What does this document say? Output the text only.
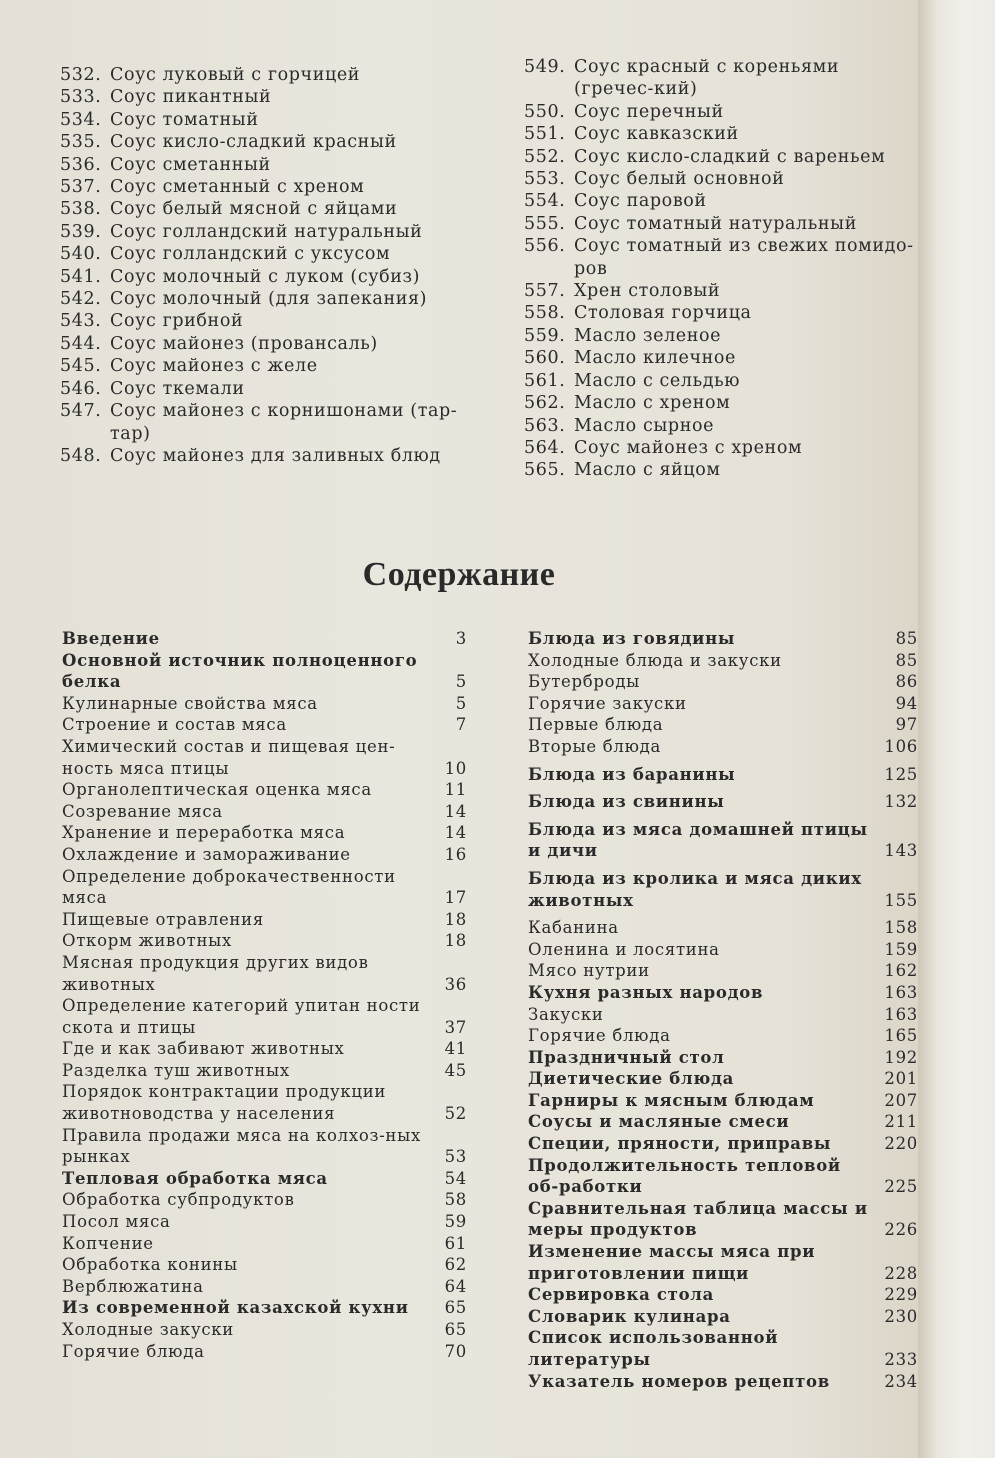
532. Соус луковый с горчицей
533. Соус пикантный
534. Соус томатный
535. Соус кисло-сладкий красный
536. Соус сметанный
537. Соус сметанный с хреном
538. Соус белый мясной с яйцами
539. Соус голландский натуральный
540. Соус голландский с уксусом
541. Соус молочный с луком (субиз)
542. Соус молочный (для запекания)
543. Соус грибной
544. Соус майонез (провансаль)
545. Соус майонез с желе
546. Соус ткемали
547. Соус майонез с корнишонами (тар-тар)
548. Соус майонез для заливных блюд
549. Соус красный с кореньями (гречес-кий)
550. Соус перечный
551. Соус кавказский
552. Соус кисло-сладкий с вареньем
553. Соус белый основной
554. Соус паровой
555. Соус томатный натуральный
556. Соус томатный из свежих помидо-ров
557. Хрен столовый
558. Столовая горчица
559. Масло зеленое
560. Масло килечное
561. Масло с сельдью
562. Масло с хреном
563. Масло сырное
564. Соус майонез с хреном
565. Масло с яйцом
Содержание
Введение	3
Основной источник полноценного белка	5
Кулинарные свойства мяса	5
Строение и состав мяса	7
Химический состав и пищевая цен-ность мяса птицы	10
Органолептическая оценка мяса	11
Созревание мяса	14
Хранение и переработка мяса	14
Охлаждение и замораживание	16
Определение доброкачественности мяса	17
Пищевые отравления	18
Откорм животных	18
Мясная продукция других видов животных	36
Определение категорий упитан ности скота и птицы	37
Где и как забивают животных	41
Разделка туш животных	45
Порядок контрактации продукции животноводства у населения	52
Правила продажи мяса на колхоз-ных рынках	53
Тепловая обработка мяса	54
Обработка субпродуктов	58
Посол мяса	59
Копчение	61
Обработка конины	62
Верблюжатина	64
Из современной казахской кухни	65
Холодные закуски	65
Горячие блюда	70
Блюда из говядины	85
Холодные блюда и закуски	85
Бутерброды	86
Горячие закуски	94
Первые блюда	97
Вторые блюда	106
Блюда из баранины	125
Блюда из свинины	132
Блюда из мяса домашней птицы и дичи	143
Блюда из кролика и мяса диких животных	155
Кабанина	158
Оленина и лосятина	159
Мясо нутрии	162
Кухня разных народов	163
Закуски	163
Горячие блюда	165
Праздничный стол	192
Диетические блюда	201
Гарниры к мясным блюдам	207
Соусы и масляные смеси	211
Специи, пряности, приправы	220
Продолжительность тепловой об-работки	225
Сравнительная таблица массы и меры продуктов	226
Изменение массы мяса при приготовлении пищи	228
Сервировка стола	229
Словарик кулинара	230
Список использованной литературы	233
Указатель номеров рецептов	234
